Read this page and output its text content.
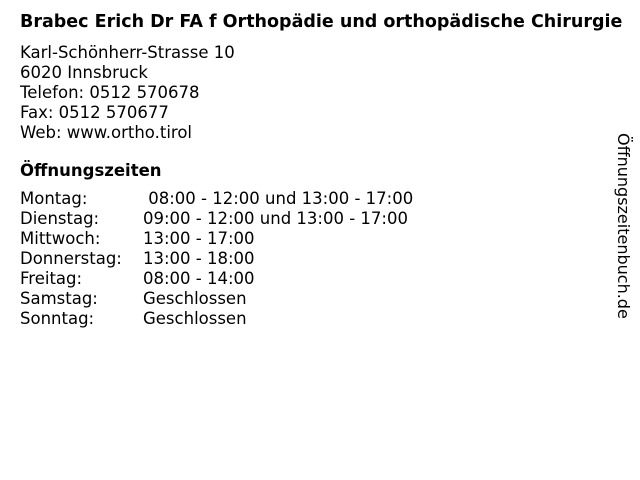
Brabec Erich Dr FA f Orthopädie und orthopädische Chirurgie
Karl-Schönherr-Strasse 10
6020 Innsbruck
Telefon: 0512 570678
Fax: 0512 570677
Web: www.ortho.tirol
Öffnungszeiten
Montag:	08:00 - 12:00 und 13:00 - 17:00
Dienstag:	09:00 - 12:00 und 13:00 - 17:00
Mittwoch:	13:00 - 17:00
Donnerstag:	13:00 - 18:00
Freitag:	08:00 - 14:00
Samstag:	Geschlossen
Sonntag:	Geschlossen	Öffnungszeitenbuch.de
